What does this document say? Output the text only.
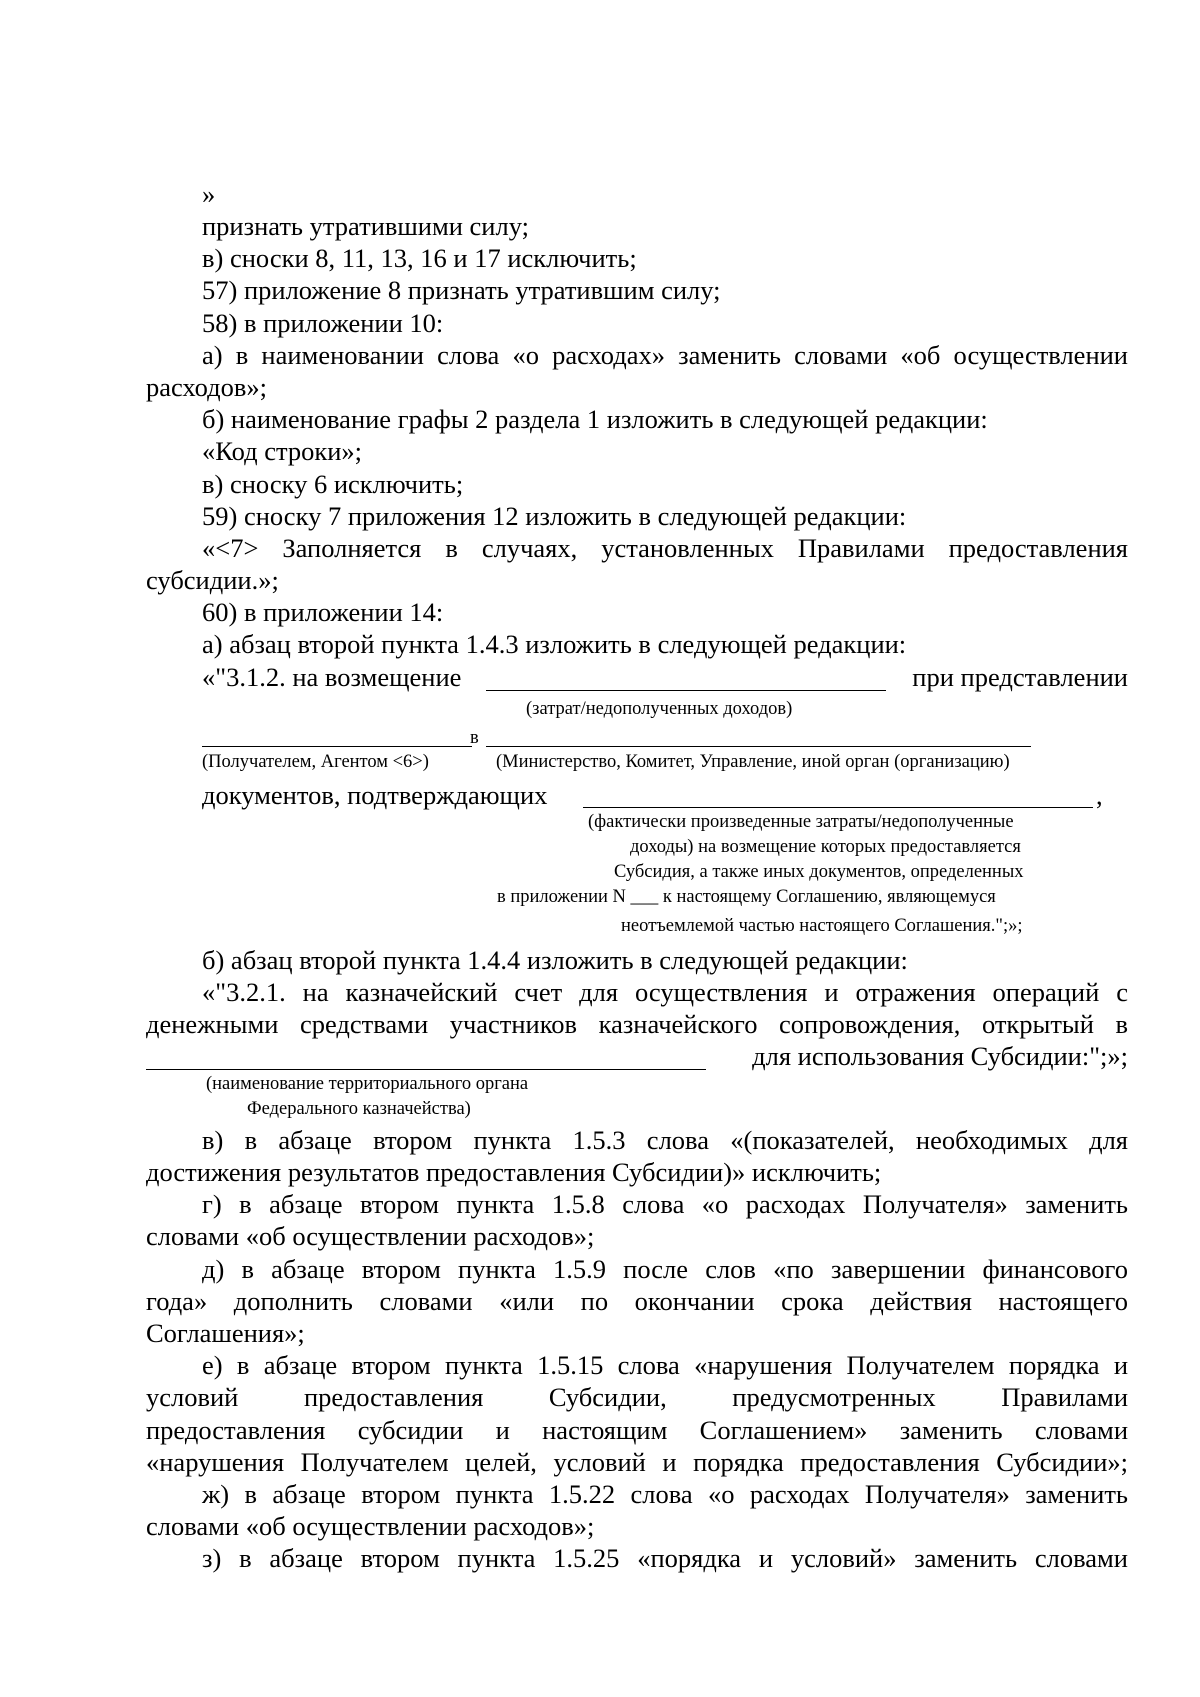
»
признать утратившими силу;
в) сноски 8, 11, 13, 16 и 17 исключить;
57) приложение 8 признать утратившим силу;
58) в приложении 10:
а) в наименовании слова «о расходах» заменить словами «об осуществлении
расходов»;
б) наименование графы 2 раздела 1 изложить в следующей редакции:
«Код строки»;
в) сноску 6 исключить;
59) сноску 7 приложения 12 изложить в следующей редакции:
«<7> Заполняется в случаях, установленных Правилами предоставления
субсидии.»;
60) в приложении 14:
а) абзац второй пункта 1.4.3 изложить в следующей редакции:
«"3.1.2. на возмещение	при представлении
(затрат/недополученных доходов)
в
(Получателем, Агентом <6>)	(Министерство, Комитет, Управление, иной орган (организацию)
документов, подтверждающих	,
(фактически произведенные затраты/недополученные
доходы) на возмещение которых предоставляется
Субсидия, а также иных документов, определенных
в приложении N ___ к настоящему Соглашению, являющемуся
неотъемлемой частью настоящего Соглашения.";»;
б) абзац второй пункта 1.4.4 изложить в следующей редакции:
«"3.2.1. на казначейский счет для осуществления и отражения операций с
денежными средствами участников казначейского сопровождения, открытый в
для использования Субсидии:";»;
(наименование территориального органа
Федерального казначейства)
в) в абзаце втором пункта 1.5.3 слова «(показателей, необходимых для
достижения результатов предоставления Субсидии)» исключить;
г) в абзаце втором пункта 1.5.8 слова «о расходах Получателя» заменить
словами «об осуществлении расходов»;
д) в абзаце втором пункта 1.5.9 после слов «по завершении финансового
года» дополнить словами «или по окончании срока действия настоящего
Соглашения»;
е) в абзаце втором пункта 1.5.15 слова «нарушения Получателем порядка и
условий предоставления Субсидии, предусмотренных Правилами
предоставления субсидии и настоящим Соглашением» заменить словами
«нарушения Получателем целей, условий и порядка предоставления Субсидии»;
ж) в абзаце втором пункта 1.5.22 слова «о расходах Получателя» заменить
словами «об осуществлении расходов»;
з) в абзаце втором пункта 1.5.25 «порядка и условий» заменить словами
